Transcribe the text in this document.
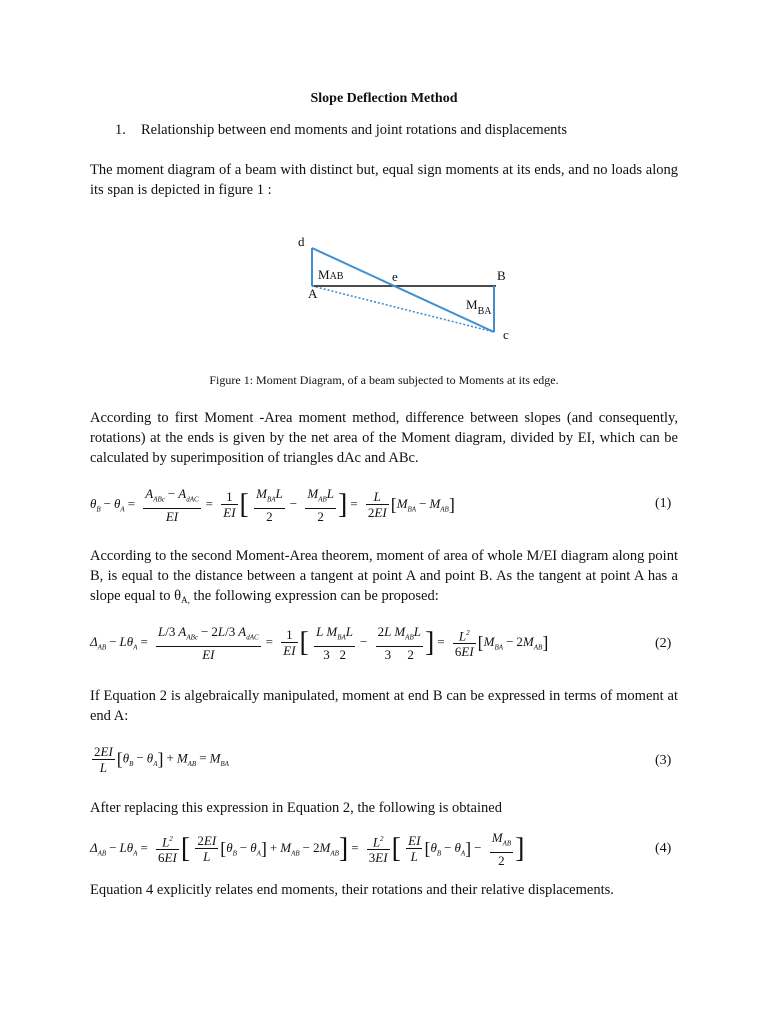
Slope Deflection Method
1. Relationship between end moments and joint rotations and displacements
The moment diagram of a beam with distinct but, equal sign moments at its ends, and no loads along its span is depicted in figure 1 :
d
A
e	B
c
MAB
$M_{BA}$
Figure 1: Moment Diagram, of a beam subjected to Moments at its edge.
According to first Moment -Area moment method, difference between slopes (and consequently, rotations) at the ends is given by the net area of the Moment diagram, divided by EI, which can be calculated by superimposition of triangles dAc and ABc.
$\theta_B - \theta_A = \frac{A_{ABc} - A_{dAC}}{EI} = \frac{1}{EI}$ [ $\frac{M_{BA}L}{2} - \frac{M_{AB}L}{2}$ ] = $\frac{L}{2EI} [M_{BA} - M_{AB}]$	(1)
According to the second Moment-Area theorem, moment of area of whole M/EI diagram along point B, is equal to the distance between a tangent at point A and point B. As the tangent at point A has a slope equal to $\theta_{A,}$ the following expression can be proposed:
$\Delta_{AB} - L\theta_A = \frac{L/3 A_{ABc} - 2L/3 A_{dAC}}{EI} = \frac{1}{EI}$ [ $\frac{L M_{BA}L}{3 2} - \frac{2L M_{AB}L}{3 2}$ ] = $\frac{L^2}{6EI} [M_{BA} - 2M_{AB}]$	(2)
If Equation 2 is algebraically manipulated, moment at end B can be expressed in terms of moment at end A:
$\frac{2EI}{L} [\theta_B - \theta_A] + M_{AB} = M_{BA}$	(3)
After replacing this expression in Equation 2, the following is obtained
$\Delta_{AB} - L\theta_A = \frac{L^2}{6EI}$ [ $\frac{2EI}{L} [\theta_B - \theta_A] + M_{AB} - 2M_{AB}] = \frac{L^2}{3EI}$ [ $\frac{EI}{L} [\theta_B - \theta_A] - \frac{M_{AB}}{2}$ ]	(4)
Equation 4 explicitly relates end moments, their rotations and their relative displacements.
